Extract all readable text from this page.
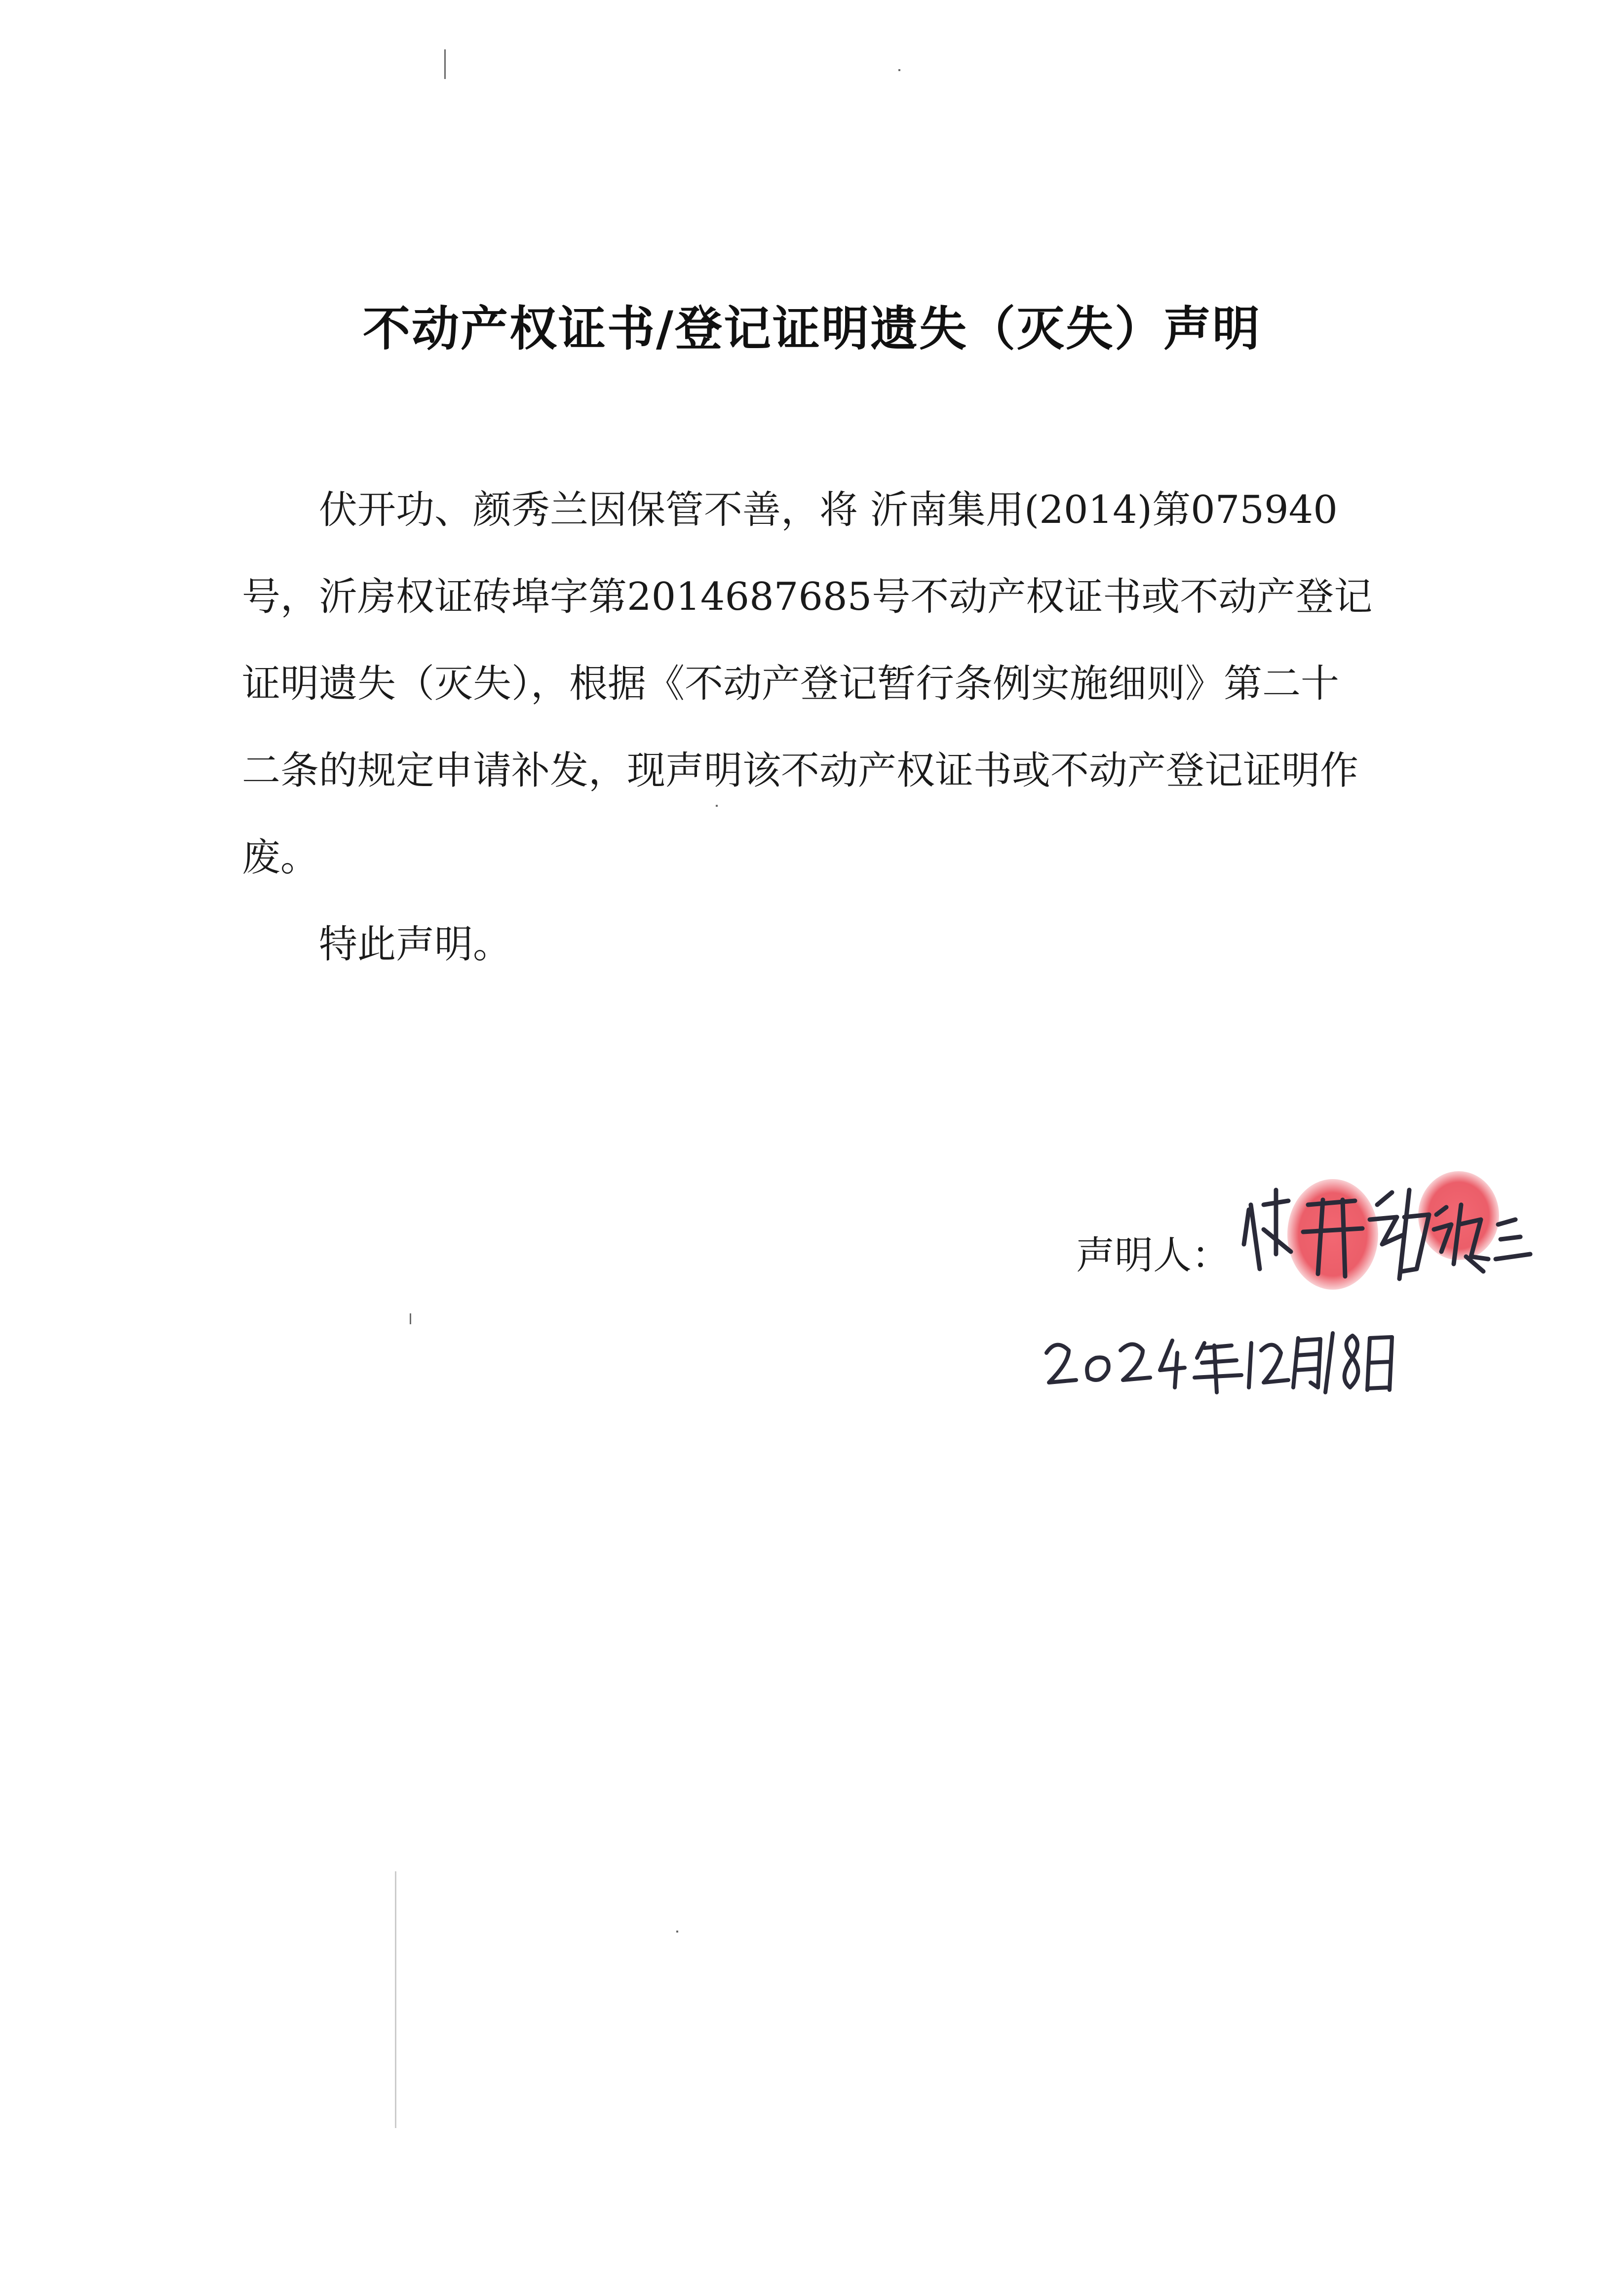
不动产权证书/登记证明遗失（灭失）声明

伏开功、颜秀兰因保管不善，将 沂南集用(2014)第075940号，沂房权证砖埠字第2014687685号不动产权证书或不动产登记证明遗失（灭失），根据《不动产登记暂行条例实施细则》第二十二条的规定申请补发，现声明该不动产权证书或不动产登记证明作废。

特此声明。

声明人：
